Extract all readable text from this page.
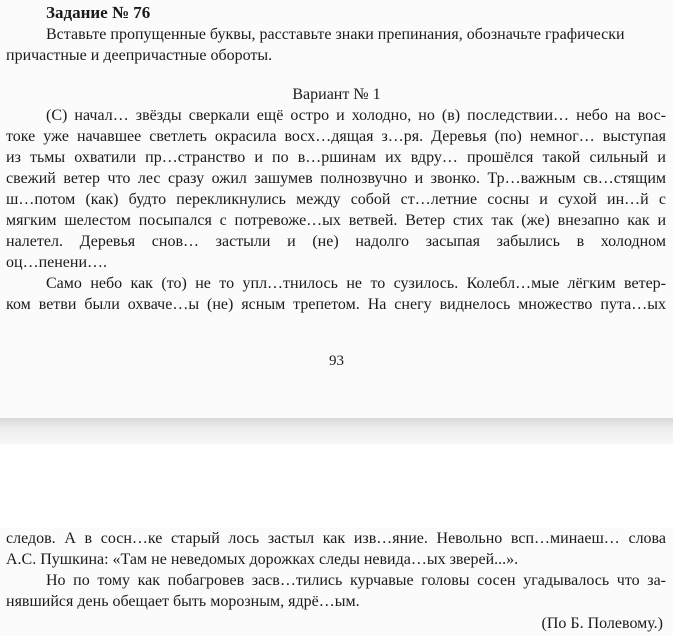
Задание № 76
Вставьте пропущенные буквы, расставьте знаки препинания, обозначьте графически
причастные и деепричастные обороты.
Вариант № 1
(С) начал… звёзды сверкали ещё остро и холодно, но (в) последствии… небо на вос-
токе уже начавшее светлеть окрасила восх…дящая з…ря. Деревья (по) немног… выступая
из тьмы охватили пр…странство и по в…ршинам их вдру… прошёлся такой сильный и
свежий ветер что лес сразу ожил зашумев полнозвучно и звонко. Тр…важным св…стящим
ш…потом (как) будто перекликнулись между собой ст…летние сосны и сухой ин…й с
мягким шелестом посыпался с потревоже…ых ветвей. Ветер стих так (же) внезапно как и
налетел. Деревья снов… застыли и (не) надолго засыпая забылись в холодном
оц…пенени….
Само небо как (то) не то упл…тнилось не то сузилось. Колебл…мые лёгким ветер-
ком ветви были охваче…ы (не) ясным трепетом. На снегу виднелось множество пута…ых
93
следов. А в сосн…ке старый лось застыл как изв…яние. Невольно всп…минаеш… слова
А.С. Пушкина: «Там не неведомых дорожках следы невида…ых зверей...».
Но по тому как побагровев засв…тились курчавые головы сосен угадывалось что за-
нявшийся день обещает быть морозным, ядрё…ым.
(По Б. Полевому.)
